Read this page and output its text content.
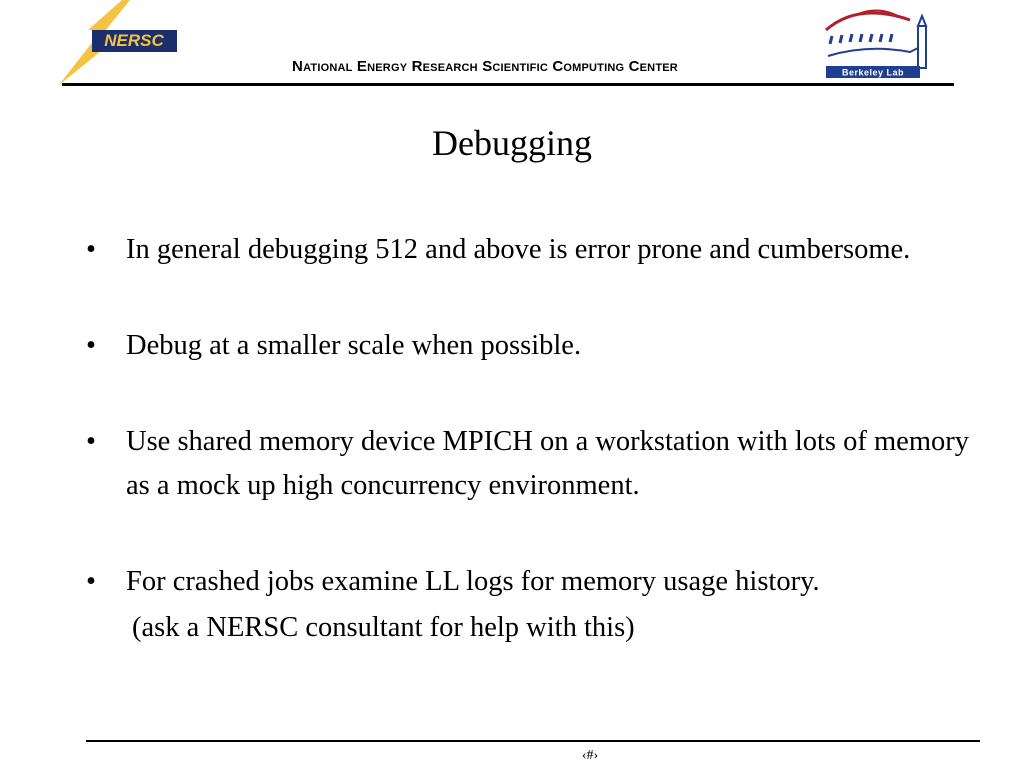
NERSC
National Energy Research Scientific Computing Center	Berkeley Lab
Debugging
• In general debugging 512 and above is error prone and cumbersome.
• Debug at a smaller scale when possible.
• Use shared memory device MPICH on a workstation with lots of memory as a mock up high concurrency environment.
• For crashed jobs examine LL logs for memory usage history.
(ask a NERSC consultant for help with this)
‹#›
